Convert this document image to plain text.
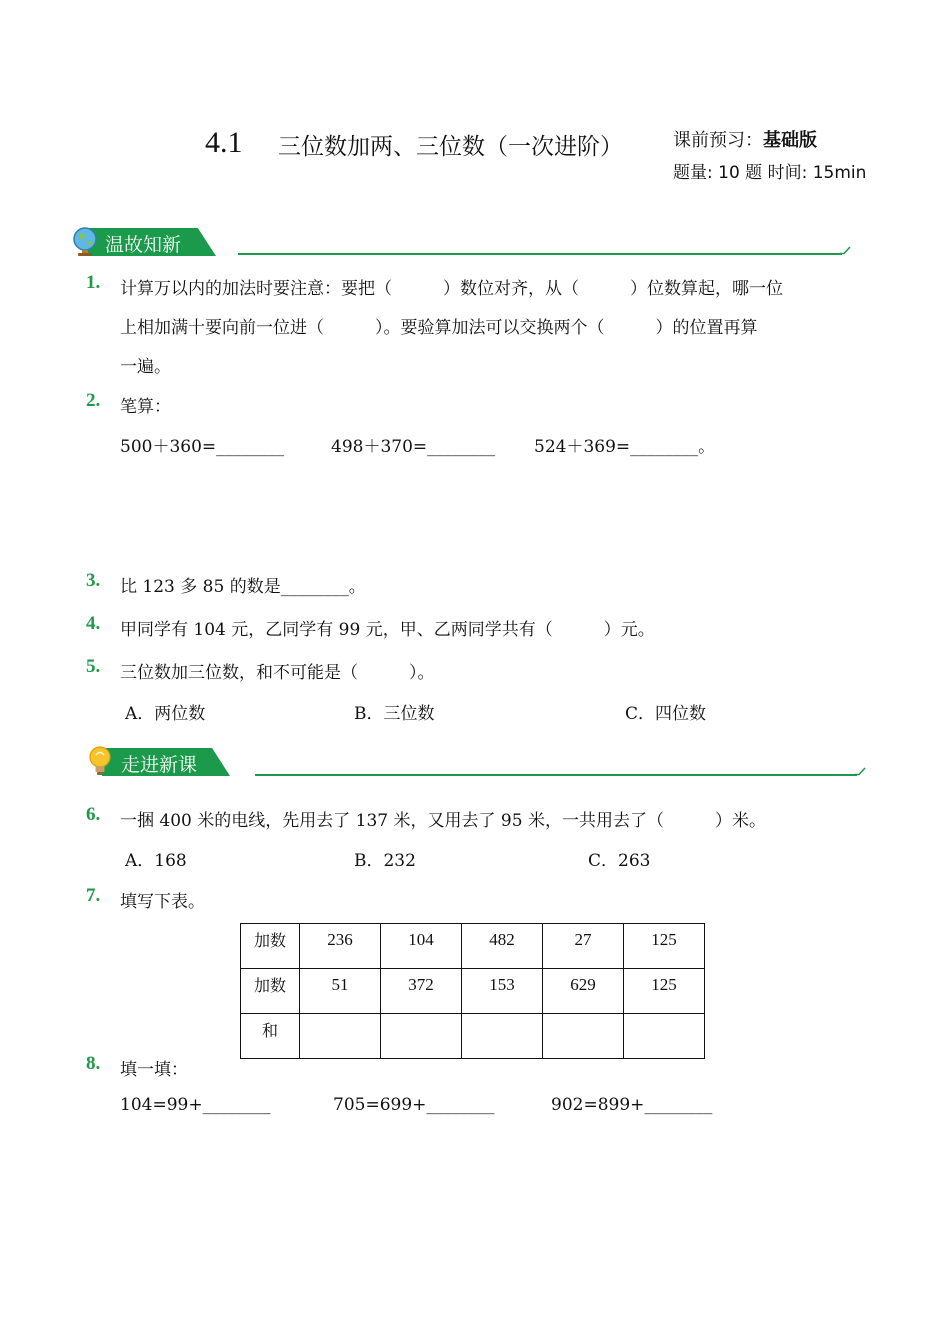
4.1 三位数加两、三位数（一次进阶）	课前预习：基础版
题量: 10 题 时间: 15min
温故知新
1. 计算万以内的加法时要注意：要把（　　　）数位对齐，从（　　　）位数算起，哪一位
上相加满十要向前一位进（　　　）。要验算加法可以交换两个（　　　）的位置再算
一遍。
2. 笔算：
500＋360=________	498＋370=________ 524＋369=________。
3. 比 123 多 85 的数是________。
4. 甲同学有 104 元，乙同学有 99 元，甲、乙两同学共有（　　　）元。
5. 三位数加三位数，和不可能是（　　　）。
A．两位数	B．三位数	C．四位数
走进新课
6. 一捆 400 米的电线，先用去了 137 米，又用去了 95 米，一共用去了（　　　）米。
A．168	B．232	C．263
7. 填写下表。
加数	236	104	482	27	125
加数	51	372	153	629	125
和					
8. 填一填：
104=99+________	705=699+________	902=899+________
